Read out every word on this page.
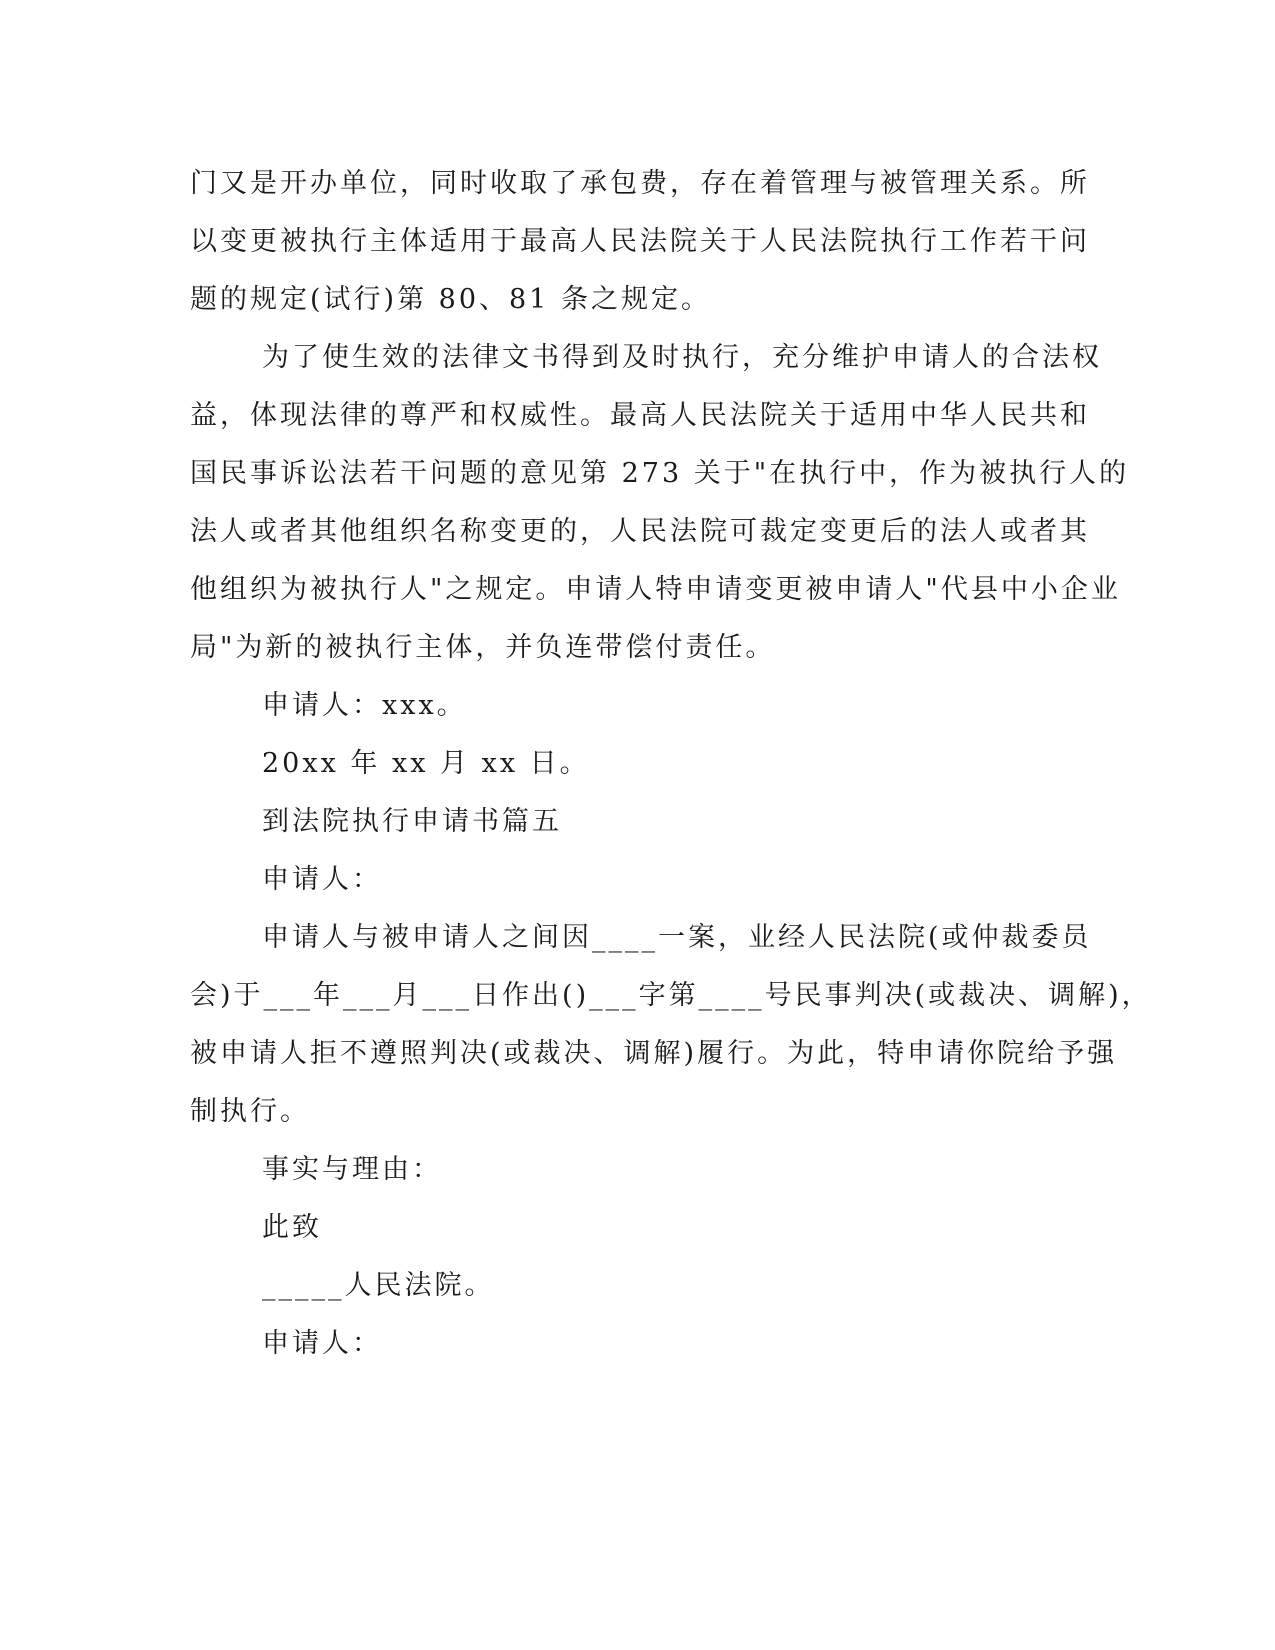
门又是开办单位，同时收取了承包费，存在着管理与被管理关系。所
以变更被执行主体适用于最高人民法院关于人民法院执行工作若干问
题的规定(试行)第 80、81 条之规定。
为了使生效的法律文书得到及时执行，充分维护申请人的合法权
益，体现法律的尊严和权威性。最高人民法院关于适用中华人民共和
国民事诉讼法若干问题的意见第 273 关于"在执行中，作为被执行人的
法人或者其他组织名称变更的，人民法院可裁定变更后的法人或者其
他组织为被执行人"之规定。申请人特申请变更被申请人"代县中小企业
局"为新的被执行主体，并负连带偿付责任。
申请人：xxx。
20xx 年 xx 月 xx 日。
到法院执行申请书篇五
申请人：
申请人与被申请人之间因____一案，业经人民法院(或仲裁委员
会)于___年___月___日作出()___字第____号民事判决(或裁决、调解)，
被申请人拒不遵照判决(或裁决、调解)履行。为此，特申请你院给予强
制执行。
事实与理由：
此致
_____人民法院。
申请人：
